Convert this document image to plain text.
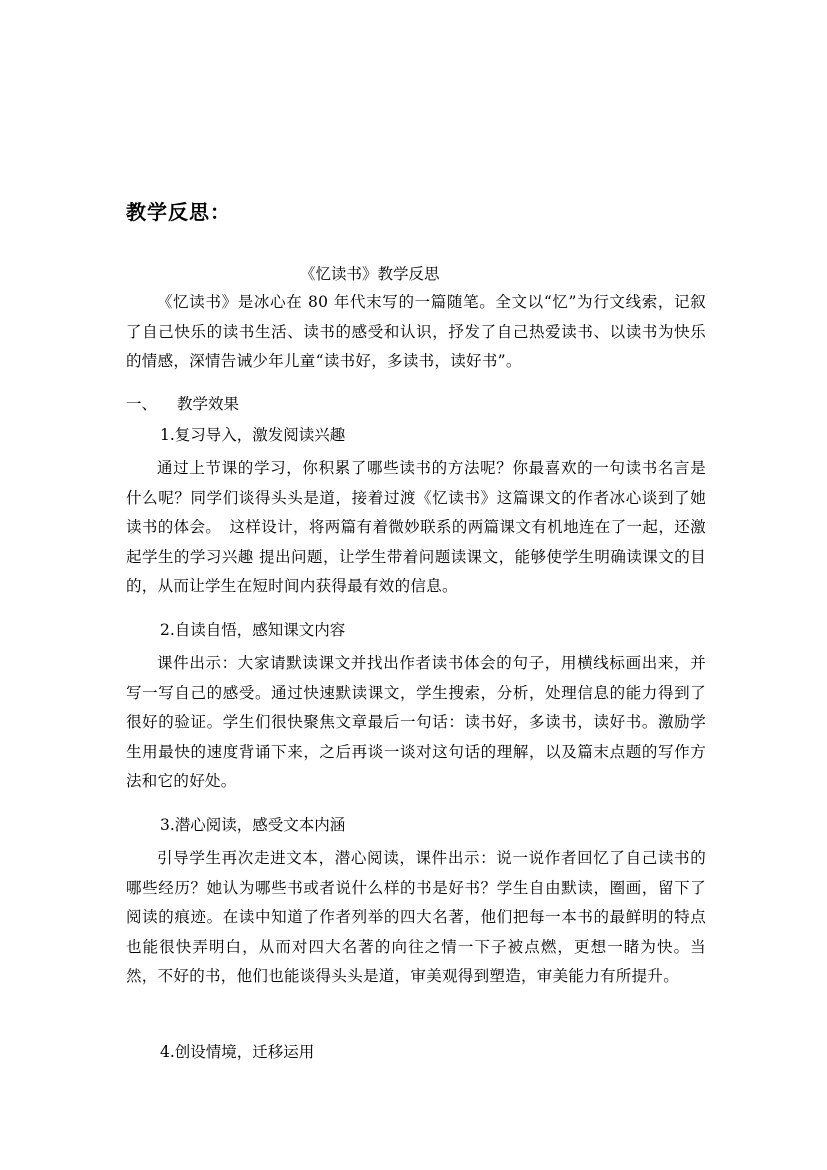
教学反思：
《忆读书》教学反思
《忆读书》是冰心在 80 年代末写的一篇随笔。全文以“忆”为行文线索，记叙了自己快乐的读书生活、读书的感受和认识，抒发了自己热爱读书、以读书为快乐的情感，深情告诫少年儿童“读书好，多读书，读好书”。
一、 教学效果
1.复习导入，激发阅读兴趣
通过上节课的学习，你积累了哪些读书的方法呢？你最喜欢的一句读书名言是什么呢？同学们谈得头头是道，接着过渡《忆读书》这篇课文的作者冰心谈到了她读书的体会。　这样设计，将两篇有着微妙联系的两篇课文有机地连在了一起，还激起学生的学习兴趣 提出问题，让学生带着问题读课文，能够使学生明确读课文的目的，从而让学生在短时间内获得最有效的信息。
2.自读自悟，感知课文内容
课件出示：大家请默读课文并找出作者读书体会的句子，用横线标画出来，并写一写自己的感受。通过快速默读课文，学生搜索，分析，处理信息的能力得到了很好的验证。学生们很快聚焦文章最后一句话：读书好，多读书，读好书。激励学生用最快的速度背诵下来，之后再谈一谈对这句话的理解，以及篇末点题的写作方法和它的好处。
3.潜心阅读，感受文本内涵
引导学生再次走进文本，潜心阅读，课件出示：说一说作者回忆了自己读书的哪些经历？她认为哪些书或者说什么样的书是好书？学生自由默读，圈画，留下了阅读的痕迹。在读中知道了作者列举的四大名著，他们把每一本书的最鲜明的特点也能很快弄明白，从而对四大名著的向往之情一下子被点燃，更想一睹为快。当然，不好的书，他们也能谈得头头是道，审美观得到塑造，审美能力有所提升。
4.创设情境，迁移运用
